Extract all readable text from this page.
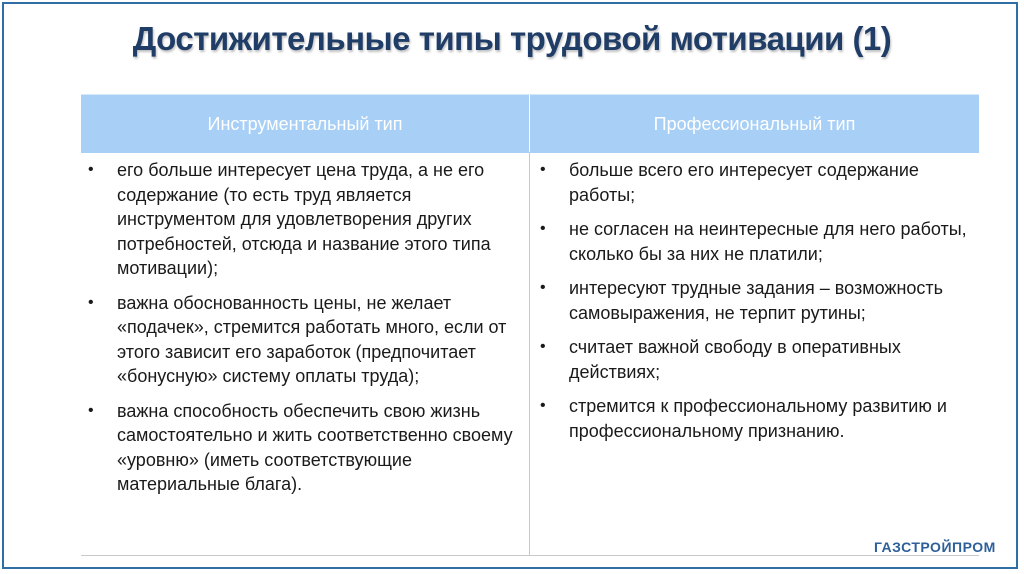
Достижительные типы трудовой мотивации (1)
Инструментальный тип	Профессиональный тип
• его больше интересует цена труда, а не его содержание (то есть труд является инструментом для удовлетворения других потребностей, отсюда и название этого типа мотивации);
• важна обоснованность цены, не желает «подачек», стремится работать много, если от этого зависит его заработок (предпочитает «бонусную» систему оплаты труда);
• важна способность обеспечить свою жизнь самостоятельно и жить соответственно своему «уровню» (иметь соответствующие материальные блага).
• больше всего его интересует содержание работы;
• не согласен на неинтересные для него работы, сколько бы за них не платили;
• интересуют трудные задания – возможность самовыражения, не терпит рутины;
• считает важной свободу в оперативных действиях;
• стремится к профессиональному развитию и профессиональному признанию.
ГАЗСТРОЙПРОМ
